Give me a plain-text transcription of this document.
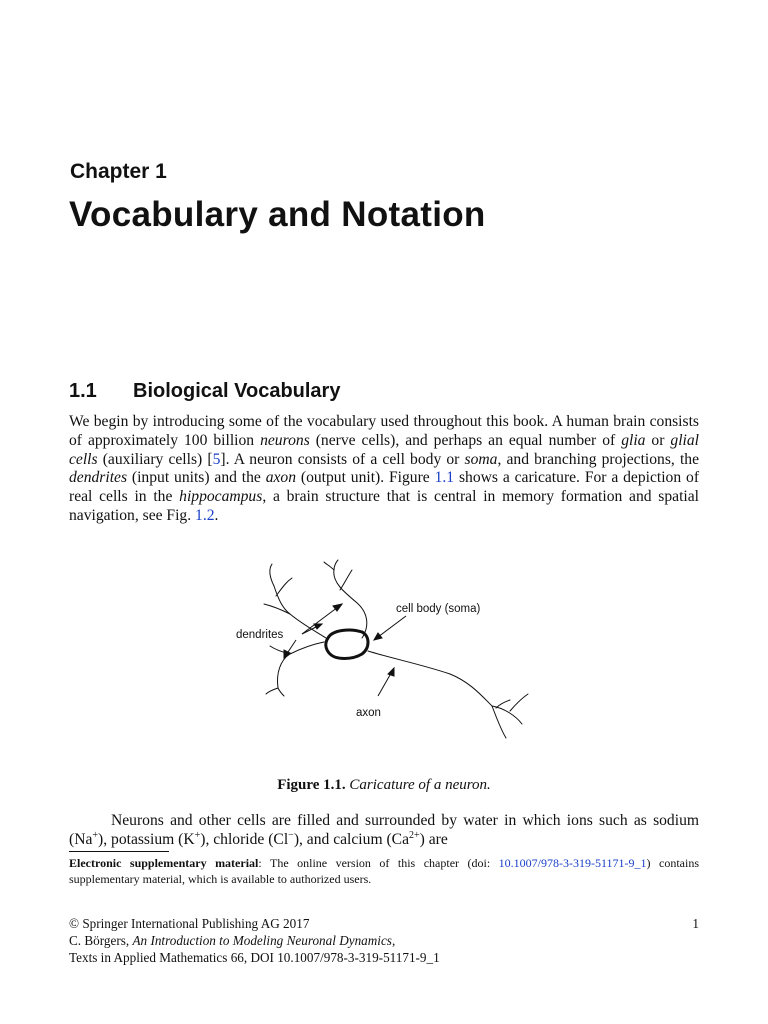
Chapter 1
Vocabulary and Notation
1.1 Biological Vocabulary

We begin by introducing some of the vocabulary used throughout this book. A human brain consists of approximately 100 billion neurons (nerve cells), and perhaps an equal number of glia or glial cells (auxiliary cells) [5]. A neuron consists of a cell body or soma, and branching projections, the dendrites (input units) and the axon (output unit). Figure 1.1 shows a caricature. For a depiction of real cells in the hippocampus, a brain structure that is central in memory formation and spatial navigation, see Fig. 1.2.

dendrites
cell body (soma)
axon
Figure 1.1. Caricature of a neuron.

Neurons and other cells are filled and surrounded by water in which ions such as sodium (Na+), potassium (K+), chloride (Cl−), and calcium $(Ca^{2+})$ are

Electronic supplementary material: The online version of this chapter (doi: 10.1007/978-3-319-51171-9_1) contains supplementary material, which is available to authorized users.
© Springer International Publishing AG 2017	1
C. Börgers, An Introduction to Modeling Neuronal Dynamics,
Texts in Applied Mathematics 66, DOI 10.1007/978-3-319-51171-9_1
